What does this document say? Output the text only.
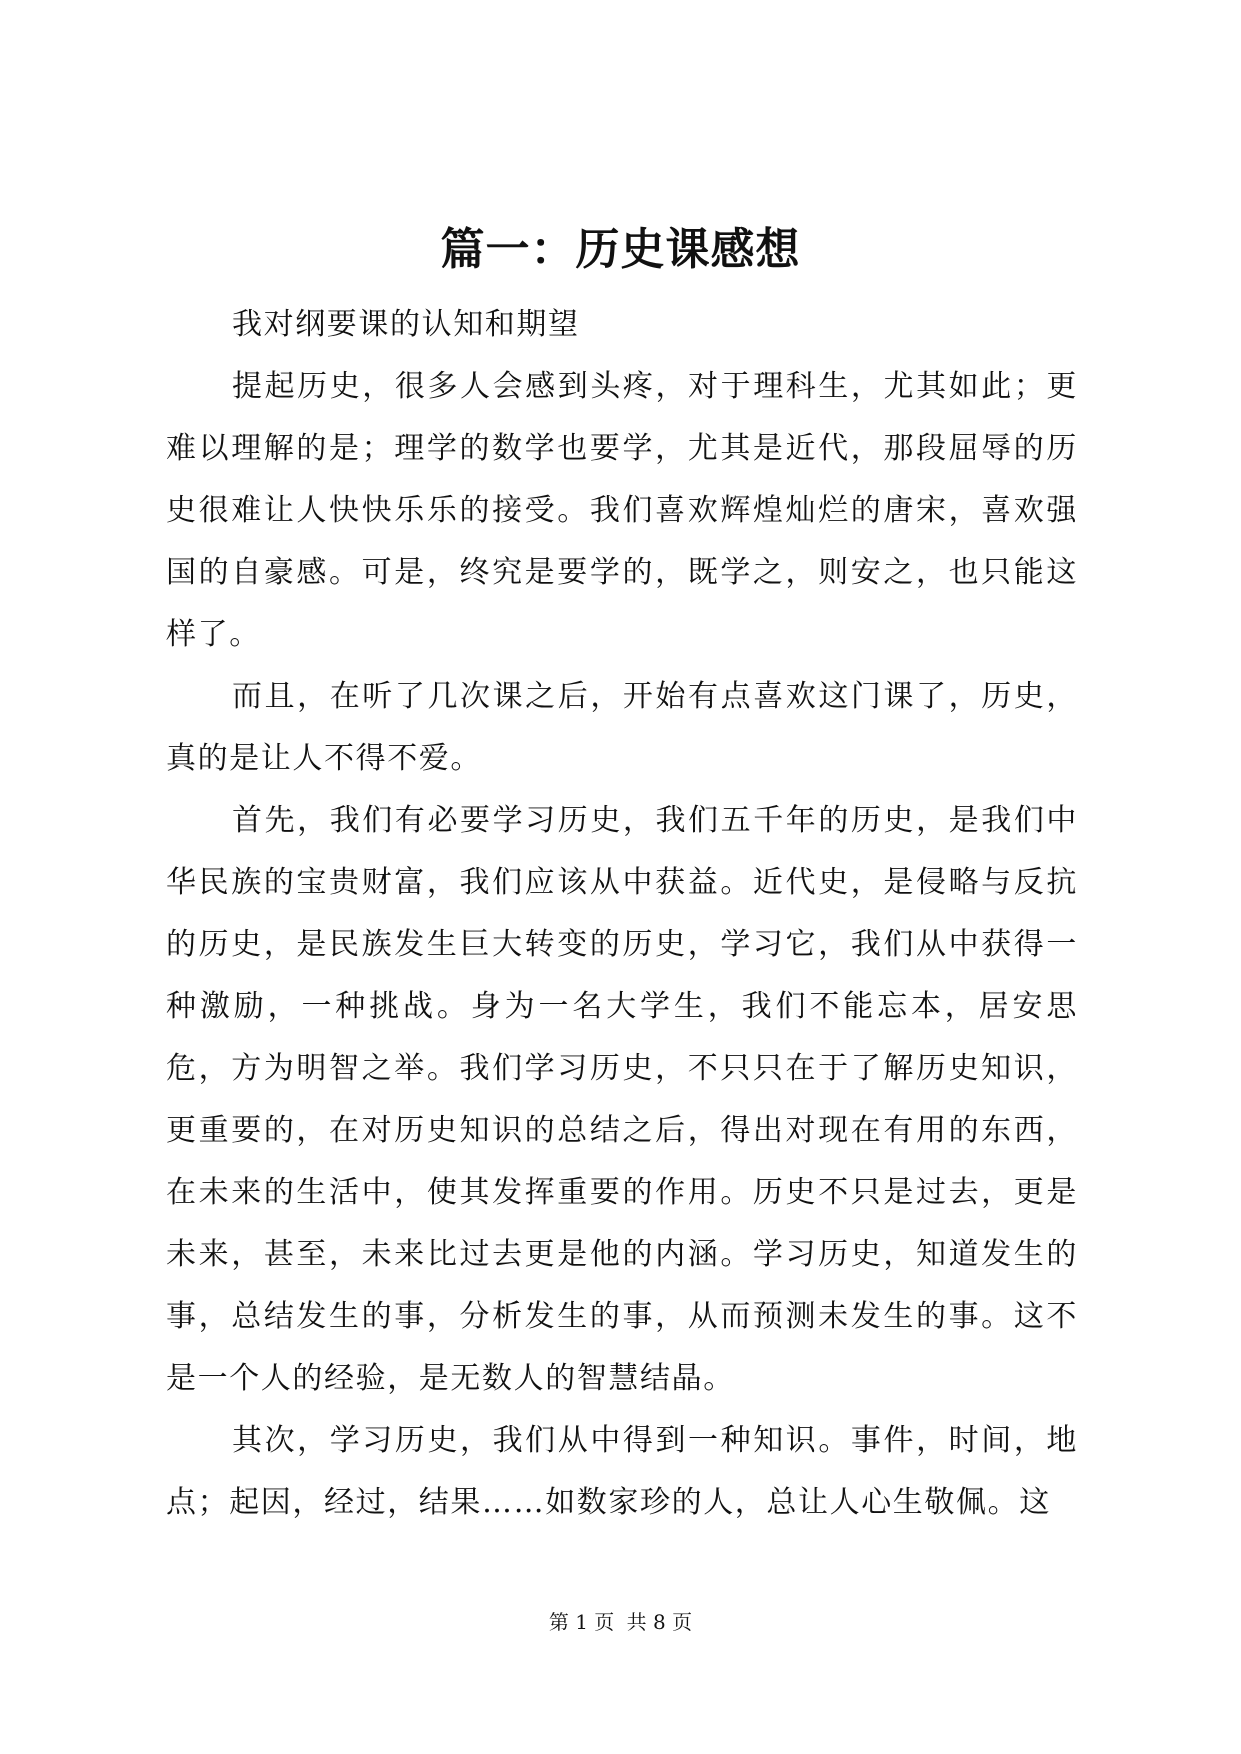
篇一：历史课感想

我对纲要课的认知和期望

提起历史，很多人会感到头疼，对于理科生，尤其如此；更难以理解的是；理学的数学也要学，尤其是近代，那段屈辱的历史很难让人快快乐乐的接受。我们喜欢辉煌灿烂的唐宋，喜欢强国的自豪感。可是，终究是要学的，既学之，则安之，也只能这样了。

而且，在听了几次课之后，开始有点喜欢这门课了，历史，真的是让人不得不爱。

首先，我们有必要学习历史，我们五千年的历史，是我们中华民族的宝贵财富，我们应该从中获益。近代史，是侵略与反抗的历史，是民族发生巨大转变的历史，学习它，我们从中获得一种激励，一种挑战。身为一名大学生，我们不能忘本，居安思危，方为明智之举。我们学习历史，不只只在于了解历史知识，更重要的，在对历史知识的总结之后，得出对现在有用的东西，在未来的生活中，使其发挥重要的作用。历史不只是过去，更是未来，甚至，未来比过去更是他的内涵。学习历史，知道发生的事，总结发生的事，分析发生的事，从而预测未发生的事。这不是一个人的经验，是无数人的智慧结晶。

其次，学习历史，我们从中得到一种知识。事件，时间，地点；起因，经过，结果……如数家珍的人，总让人心生敬佩。这

第 1 页 共 8 页
